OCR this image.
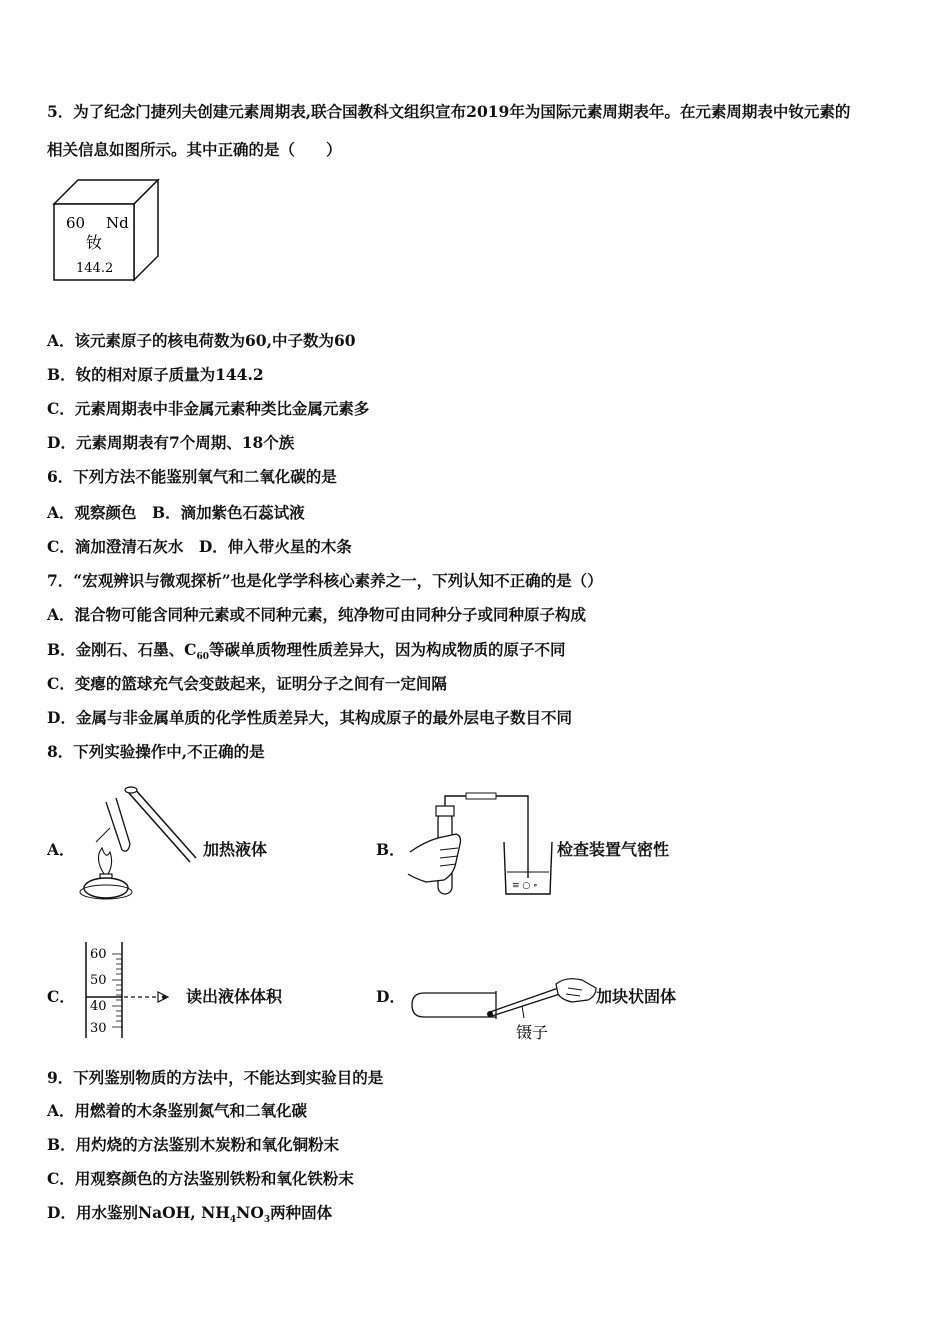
5．为了纪念门捷列夫创建元素周期表,联合国教科文组织宣布2019年为国际元素周期表年。在元素周期表中钕元素的
相关信息如图所示。其中正确的是（　　）
60 Nd
钕
144.2
A．该元素原子的核电荷数为60,中子数为60
B．钕的相对原子质量为144.2
C．元素周期表中非金属元素种类比金属元素多
D．元素周期表有7个周期、18个族
6．下列方法不能鉴别氧气和二氧化碳的是
A．观察颜色　B．滴加紫色石蕊试液
C．滴加澄清石灰水　D．伸入带火星的木条
7．“宏观辨识与微观探析”也是化学学科核心素养之一，下列认知不正确的是（）
A．混合物可能含同种元素或不同种元素，纯净物可由同种分子或同种原子构成
B．金刚石、石墨、$C_{60}$等碳单质物理性质差异大，因为构成物质的原子不同
C．变瘪的篮球充气会变鼓起来，证明分子之间有一定间隔
D．金属与非金属单质的化学性质差异大，其构成原子的最外层电子数目不同
8．下列实验操作中,不正确的是
A．	加热液体	B．
≡ ○ ∘
检查装置气密性
C．
60
50
40
30
读出液体体积	D．
镊子
加块状固体
9．下列鉴别物质的方法中，不能达到实验目的是
A．用燃着的木条鉴别氮气和二氧化碳
B．用灼烧的方法鉴别木炭粉和氧化铜粉末
C．用观察颜色的方法鉴别铁粉和氧化铁粉末
D．用水鉴别NaOH, $NH_4NO_3$两种固体
